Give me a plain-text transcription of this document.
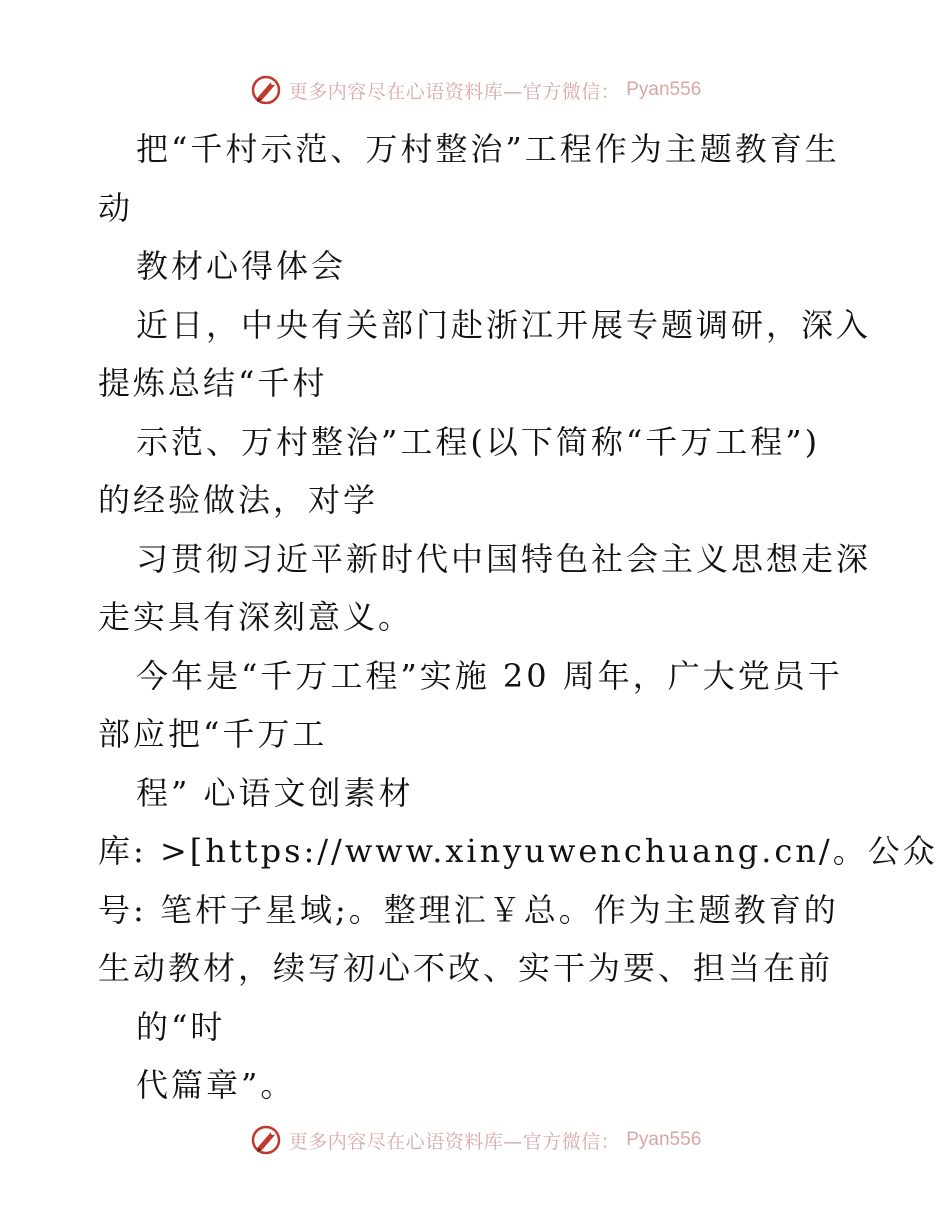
更多内容尽在心语资料库—官方微信： Pyan556
把“千村示范、万村整治”工程作为主题教育生
动
教材心得体会
近日，中央有关部门赴浙江开展专题调研，深入
提炼总结“千村
示范、万村整治”工程(以下简称“千万工程”)
的经验做法，对学
习贯彻习近平新时代中国特色社会主义思想走深
走实具有深刻意义。
今年是“千万工程”实施 20 周年，广大党员干
部应把“千万工
程” 心语文创素材
库: >[https://www.xinyuwenchuang.cn/。公众
号: 笔杆子星域;。整理汇￥总。作为主题教育的
生动教材，续写初心不改、实干为要、担当在前
的“时
代篇章”。
更多内容尽在心语资料库—官方微信： Pyan556
